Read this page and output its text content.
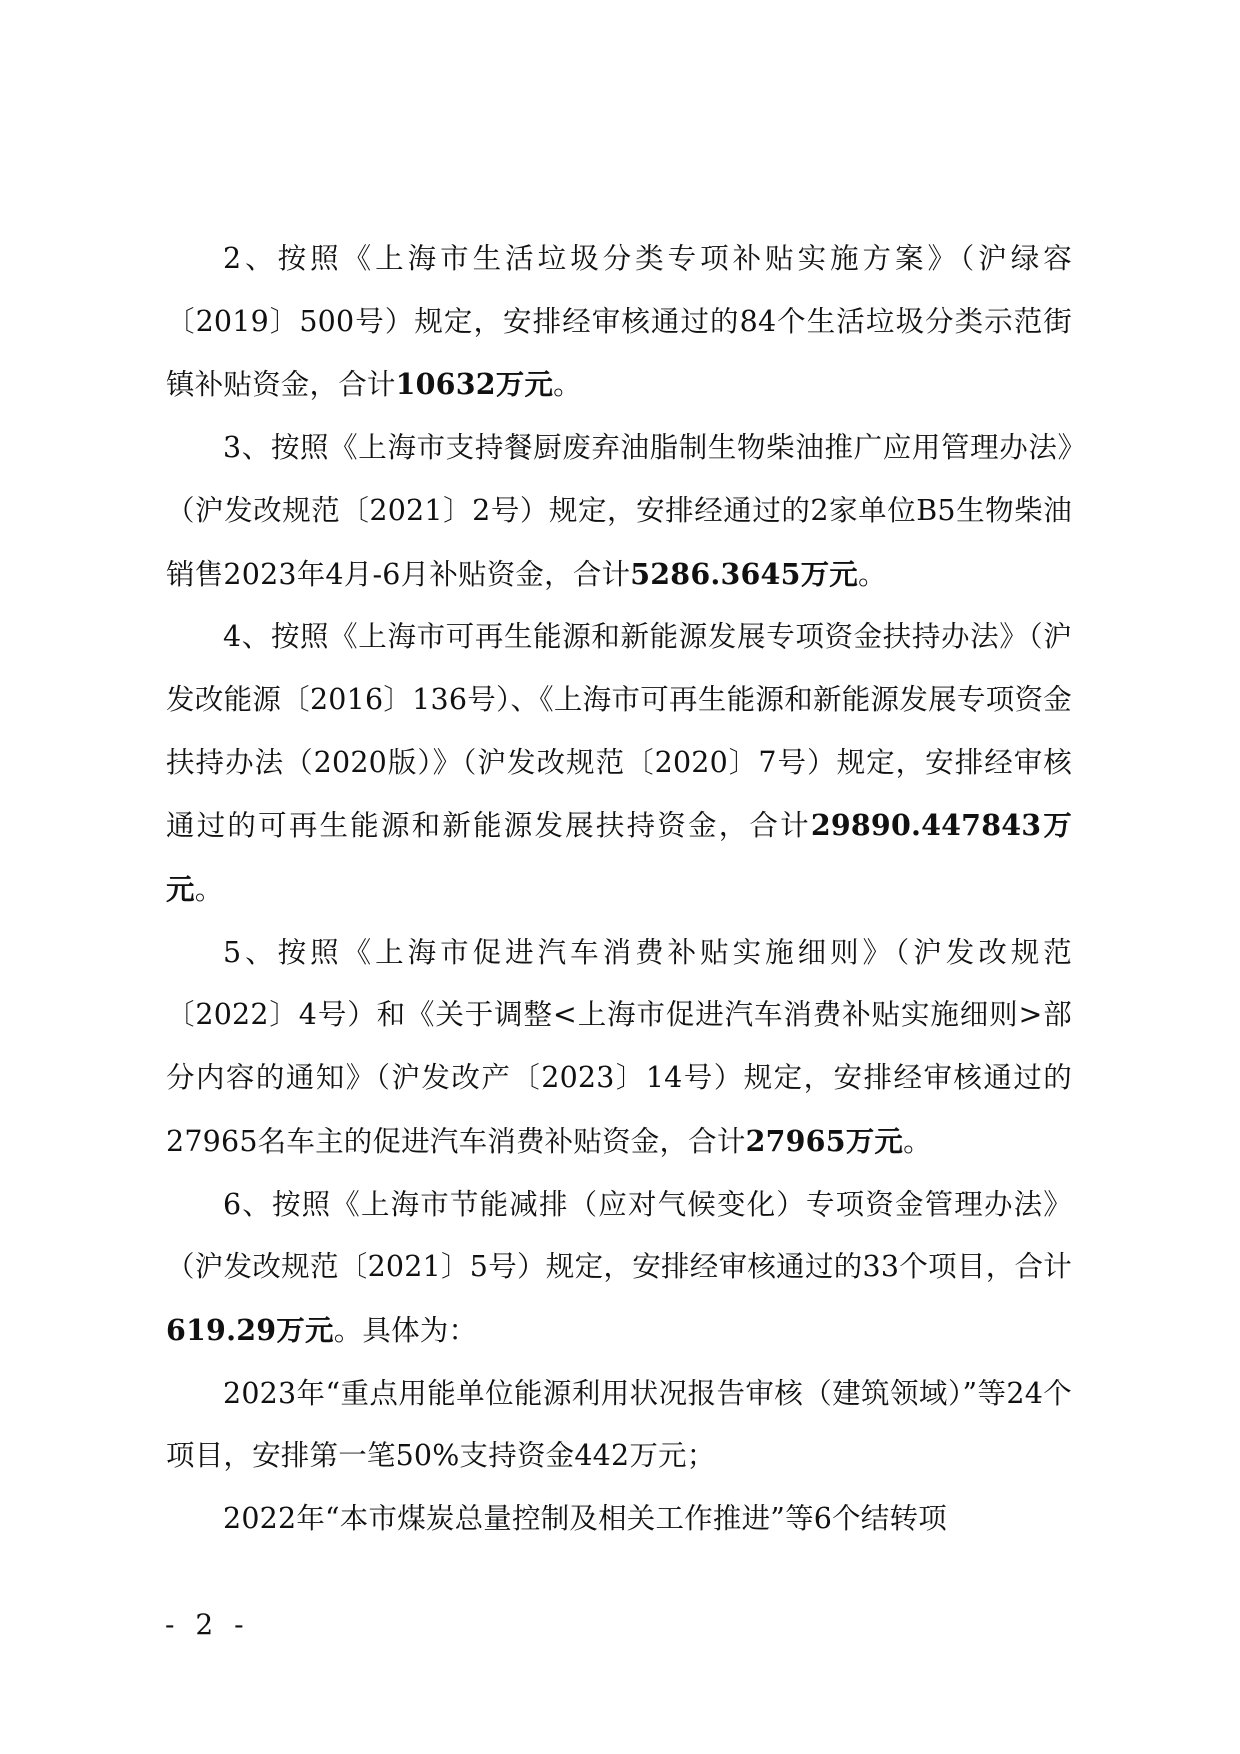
2、按照《上海市生活垃圾分类专项补贴实施方案》（沪绿容〔2019〕500号）规定，安排经审核通过的84个生活垃圾分类示范街镇补贴资金，合计10632万元。

3、按照《上海市支持餐厨废弃油脂制生物柴油推广应用管理办法》（沪发改规范〔2021〕2号）规定，安排经通过的2家单位B5生物柴油销售2023年4月-6月补贴资金，合计5286.3645万元。

4、按照《上海市可再生能源和新能源发展专项资金扶持办法》（沪发改能源〔2016〕136号）、《上海市可再生能源和新能源发展专项资金扶持办法（2020版）》（沪发改规范〔2020〕7号）规定，安排经审核通过的可再生能源和新能源发展扶持资金，合计29890.447843万元。

5、按照《上海市促进汽车消费补贴实施细则》（沪发改规范〔2022〕4号）和《关于调整<上海市促进汽车消费补贴实施细则>部分内容的通知》（沪发改产〔2023〕14号）规定，安排经审核通过的27965名车主的促进汽车消费补贴资金，合计27965万元。

6、按照《上海市节能减排（应对气候变化）专项资金管理办法》（沪发改规范〔2021〕5号）规定，安排经审核通过的33个项目，合计619.29万元。具体为：

2023年“重点用能单位能源利用状况报告审核（建筑领域）”等24个项目，安排第一笔50%支持资金442万元；

2022年“本市煤炭总量控制及相关工作推进”等6个结转项

- 2 -
